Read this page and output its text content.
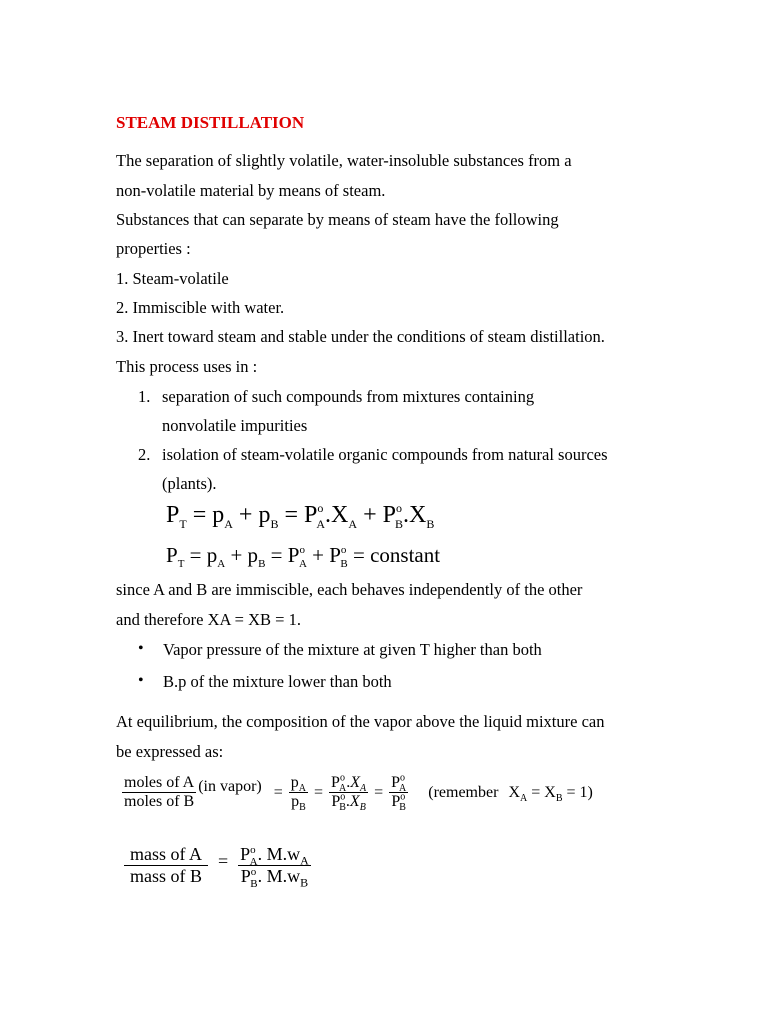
STEAM DISTILLATION
The separation of slightly volatile, water-insoluble substances from a
non-volatile material by means of steam.
Substances that can separate by means of steam have the following
properties :
1. Steam-volatile
2. Immiscible with water.
3. Inert toward steam and stable under the conditions of steam distillation.
This process uses in :
1. separation of such compounds from mixtures containing
nonvolatile impurities
2. isolation of steam-volatile organic compounds from natural sources
(plants).
$P_T = p_A + p_B = P^o_A.X_A + P^o_B.X_B$
$P_T = p_A + p_B = P^o_A + P^o_B$ = constant
since A and B are immiscible, each behaves independently of the other
and therefore XA = XB = 1.
• Vapor pressure of the mixture at given T higher than both
• B.p of the mixture lower than both
At equilibrium, the composition of the vapor above the liquid mixture can
be expressed as:
$\frac{\text{moles of A}}{\text{moles of B}} (in$ vapor) = $\frac{p_A}{p_B} = \frac{P^o_A.X_A}{P^o_B.X_B} = \frac{P^o_A}{P^o_B}$ (remember $X_A = X_B = 1$)
$\frac{\text{mass of A}}{\text{mass of B}} = \frac{P^o_A. M.w_A}{P^o_B. M.w_B}$
